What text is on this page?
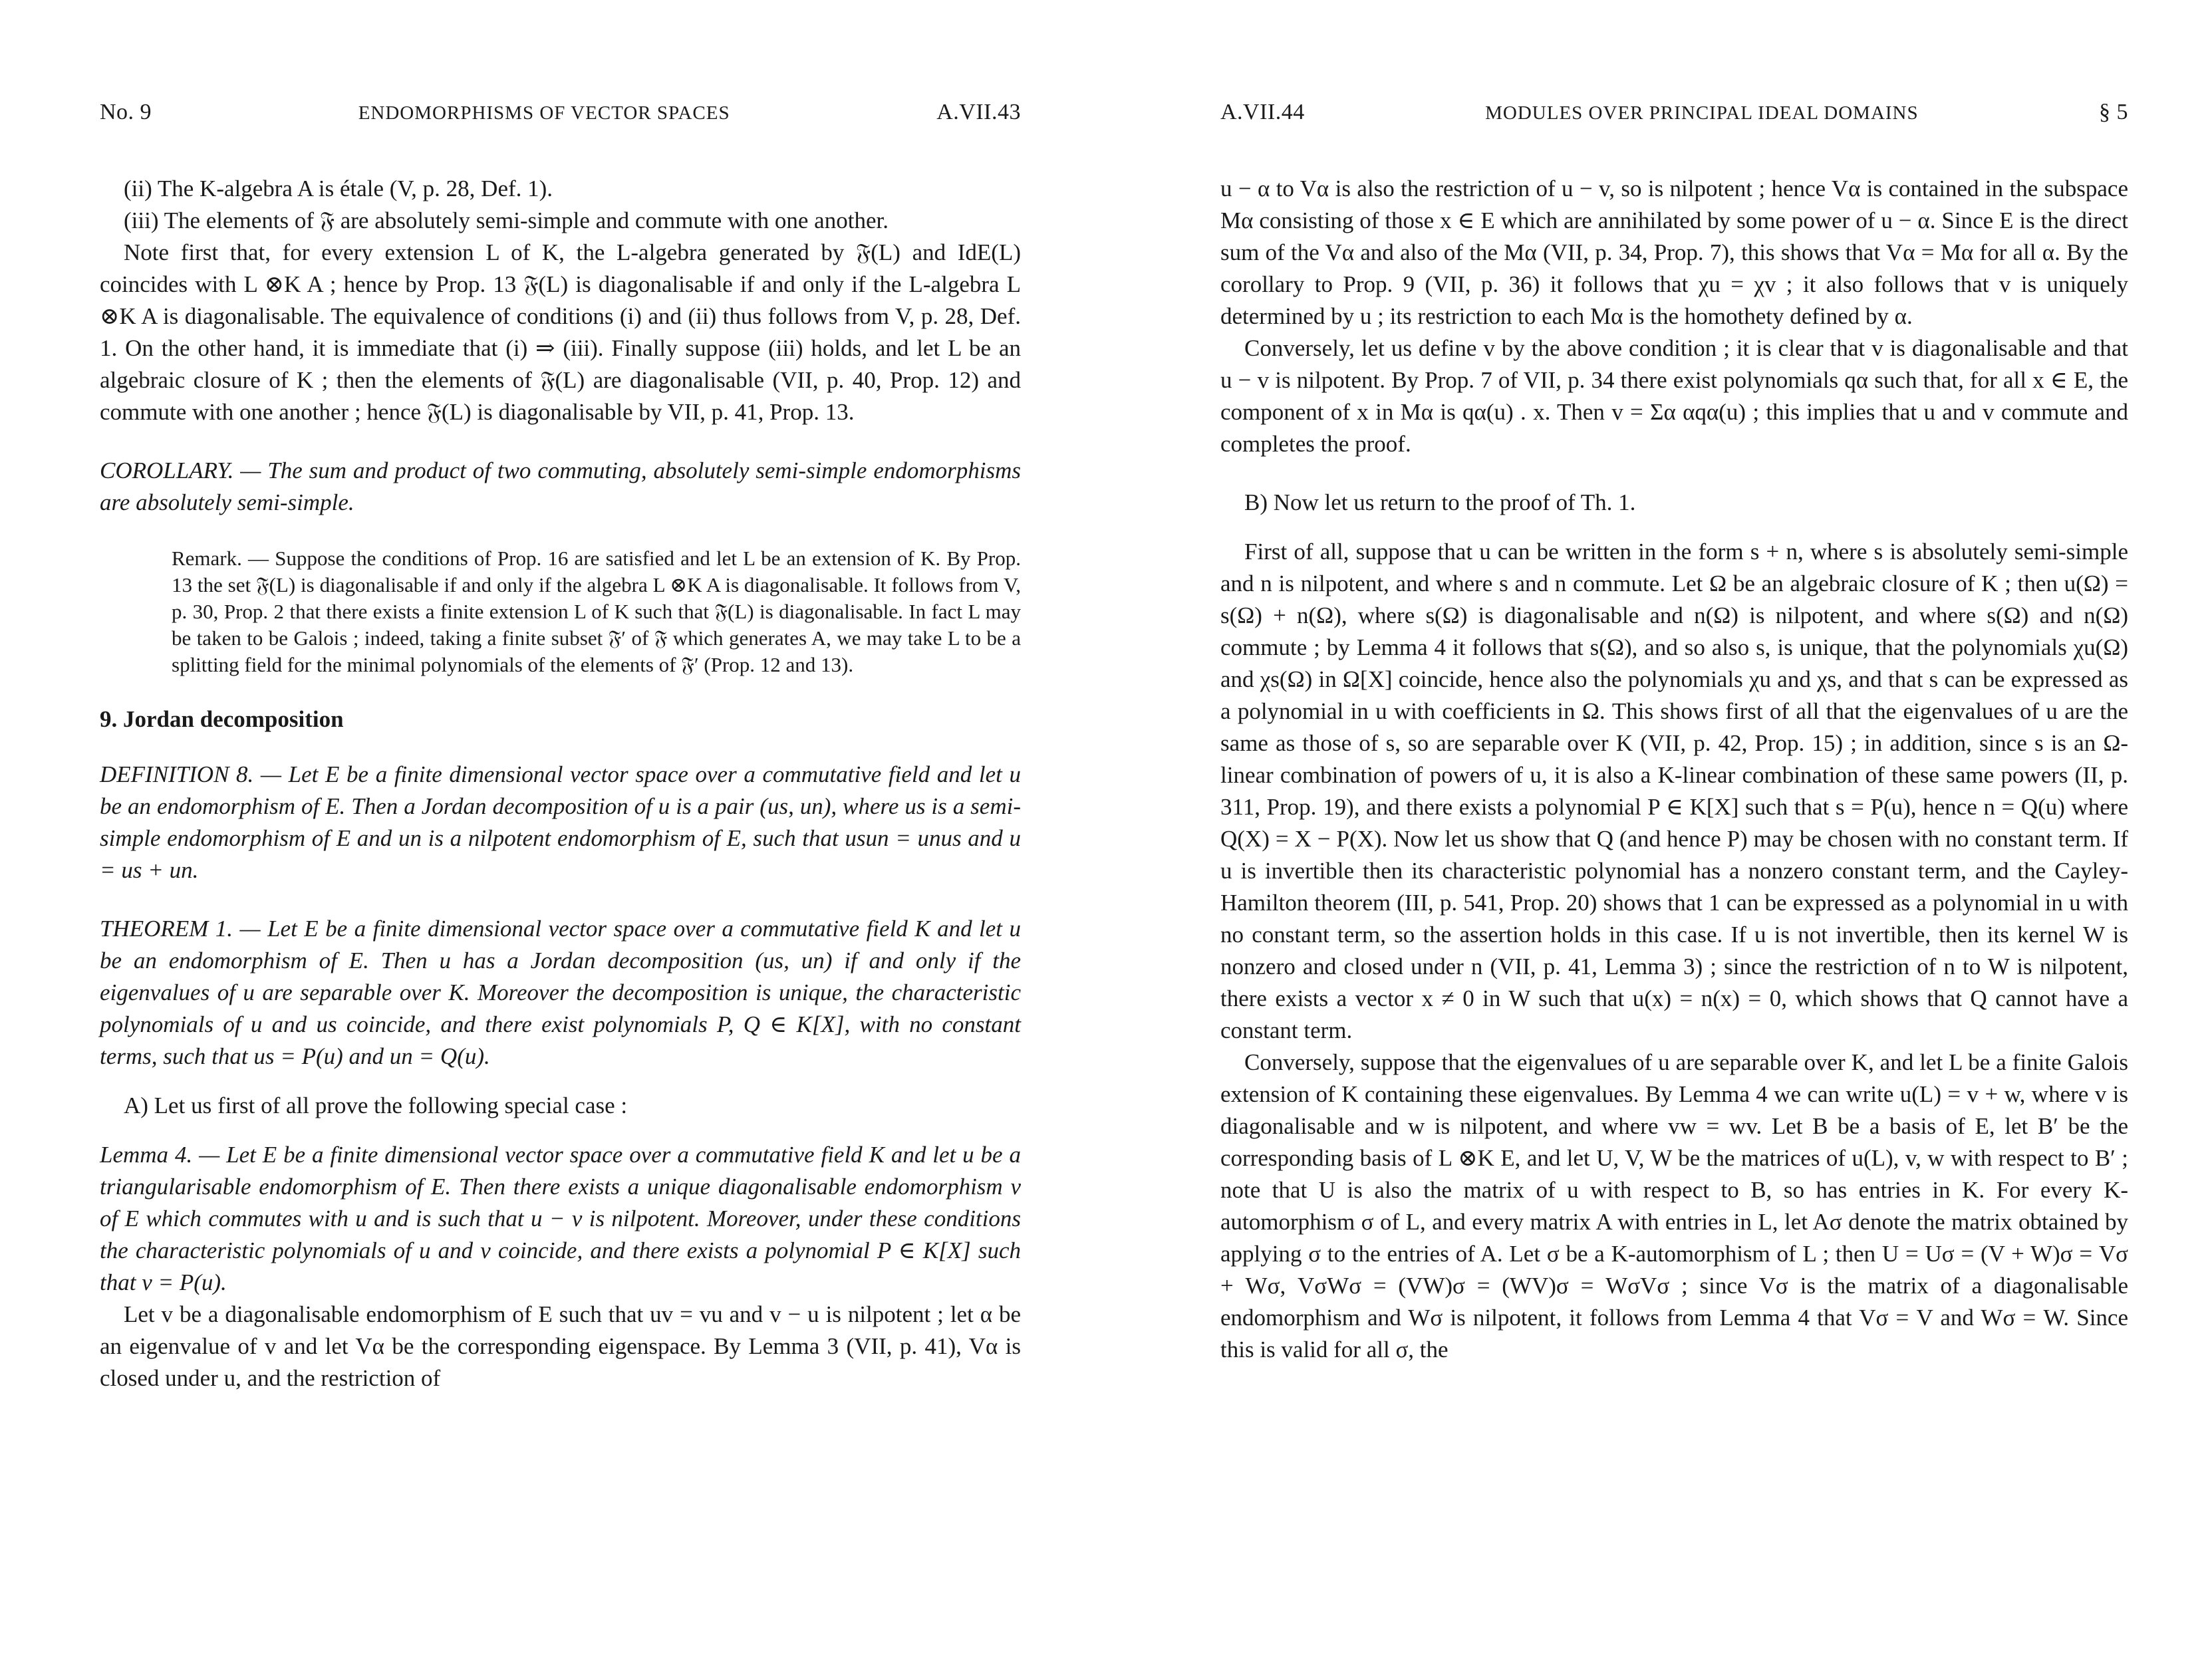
No. 9	ENDOMORPHISMS OF VECTOR SPACES	A.VII.43

(ii) The K-algebra A is étale (V, p. 28, Def. 1).

(iii) The elements of 𝔉 are absolutely semi-simple and commute with one another.

Note first that, for every extension L of K, the L-algebra generated by 𝔉(L) and IdE(L) coincides with L ⊗K A ; hence by Prop. 13 𝔉(L) is diagonalisable if and only if the L-algebra L ⊗K A is diagonalisable. The equivalence of conditions (i) and (ii) thus follows from V, p. 28, Def. 1. On the other hand, it is immediate that (i) ⇒ (iii). Finally suppose (iii) holds, and let L be an algebraic closure of K ; then the elements of 𝔉(L) are diagonalisable (VII, p. 40, Prop. 12) and commute with one another ; hence 𝔉(L) is diagonalisable by VII, p. 41, Prop. 13.

COROLLARY. — The sum and product of two commuting, absolutely semi-simple endomorphisms are absolutely semi-simple.

Remark. — Suppose the conditions of Prop. 16 are satisfied and let L be an extension of K. By Prop. 13 the set 𝔉(L) is diagonalisable if and only if the algebra L ⊗K A is diagonalisable. It follows from V, p. 30, Prop. 2 that there exists a finite extension L of K such that 𝔉(L) is diagonalisable. In fact L may be taken to be Galois ; indeed, taking a finite subset 𝔉′ of 𝔉 which generates A, we may take L to be a splitting field for the minimal polynomials of the elements of 𝔉′ (Prop. 12 and 13).

9. Jordan decomposition

DEFINITION 8. — Let E be a finite dimensional vector space over a commutative field and let u be an endomorphism of E. Then a Jordan decomposition of u is a pair (us, un), where us is a semi-simple endomorphism of E and un is a nilpotent endomorphism of E, such that usun = unus and u = us + un.

THEOREM 1. — Let E be a finite dimensional vector space over a commutative field K and let u be an endomorphism of E. Then u has a Jordan decomposition (us, un) if and only if the eigenvalues of u are separable over K. Moreover the decomposition is unique, the characteristic polynomials of u and us coincide, and there exist polynomials P, Q ∈ K[X], with no constant terms, such that us = P(u) and un = Q(u).

A) Let us first of all prove the following special case :

Lemma 4. — Let E be a finite dimensional vector space over a commutative field K and let u be a triangularisable endomorphism of E. Then there exists a unique diagonalisable endomorphism v of E which commutes with u and is such that u − v is nilpotent. Moreover, under these conditions the characteristic polynomials of u and v coincide, and there exists a polynomial P ∈ K[X] such that v = P(u).

Let v be a diagonalisable endomorphism of E such that uv = vu and v − u is nilpotent ; let α be an eigenvalue of v and let Vα be the corresponding eigenspace. By Lemma 3 (VII, p. 41), Vα is closed under u, and the restriction of

A.VII.44	MODULES OVER PRINCIPAL IDEAL DOMAINS	§ 5

u − α to Vα is also the restriction of u − v, so is nilpotent ; hence Vα is contained in the subspace Mα consisting of those x ∈ E which are annihilated by some power of u − α. Since E is the direct sum of the Vα and also of the Mα (VII, p. 34, Prop. 7), this shows that Vα = Mα for all α. By the corollary to Prop. 9 (VII, p. 36) it follows that χu = χv ; it also follows that v is uniquely determined by u ; its restriction to each Mα is the homothety defined by α.

Conversely, let us define v by the above condition ; it is clear that v is diagonalisable and that u − v is nilpotent. By Prop. 7 of VII, p. 34 there exist polynomials qα such that, for all x ∈ E, the component of x in Mα is qα(u) . x. Then v = Σα αqα(u) ; this implies that u and v commute and completes the proof.

B) Now let us return to the proof of Th. 1.

First of all, suppose that u can be written in the form s + n, where s is absolutely semi-simple and n is nilpotent, and where s and n commute. Let Ω be an algebraic closure of K ; then u(Ω) = s(Ω) + n(Ω), where s(Ω) is diagonalisable and n(Ω) is nilpotent, and where s(Ω) and n(Ω) commute ; by Lemma 4 it follows that s(Ω), and so also s, is unique, that the polynomials χu(Ω) and χs(Ω) in Ω[X] coincide, hence also the polynomials χu and χs, and that s can be expressed as a polynomial in u with coefficients in Ω. This shows first of all that the eigenvalues of u are the same as those of s, so are separable over K (VII, p. 42, Prop. 15) ; in addition, since s is an Ω-linear combination of powers of u, it is also a K-linear combination of these same powers (II, p. 311, Prop. 19), and there exists a polynomial P ∈ K[X] such that s = P(u), hence n = Q(u) where Q(X) = X − P(X). Now let us show that Q (and hence P) may be chosen with no constant term. If u is invertible then its characteristic polynomial has a nonzero constant term, and the Cayley-Hamilton theorem (III, p. 541, Prop. 20) shows that 1 can be expressed as a polynomial in u with no constant term, so the assertion holds in this case. If u is not invertible, then its kernel W is nonzero and closed under n (VII, p. 41, Lemma 3) ; since the restriction of n to W is nilpotent, there exists a vector x ≠ 0 in W such that u(x) = n(x) = 0, which shows that Q cannot have a constant term.

Conversely, suppose that the eigenvalues of u are separable over K, and let L be a finite Galois extension of K containing these eigenvalues. By Lemma 4 we can write u(L) = v + w, where v is diagonalisable and w is nilpotent, and where vw = wv. Let B be a basis of E, let B′ be the corresponding basis of L ⊗K E, and let U, V, W be the matrices of u(L), v, w with respect to B′ ; note that U is also the matrix of u with respect to B, so has entries in K. For every K-automorphism σ of L, and every matrix A with entries in L, let Aσ denote the matrix obtained by applying σ to the entries of A. Let σ be a K-automorphism of L ; then U = Uσ = (V + W)σ = Vσ + Wσ, VσWσ = (VW)σ = (WV)σ = WσVσ ; since Vσ is the matrix of a diagonalisable endomorphism and Wσ is nilpotent, it follows from Lemma 4 that Vσ = V and Wσ = W. Since this is valid for all σ, the
